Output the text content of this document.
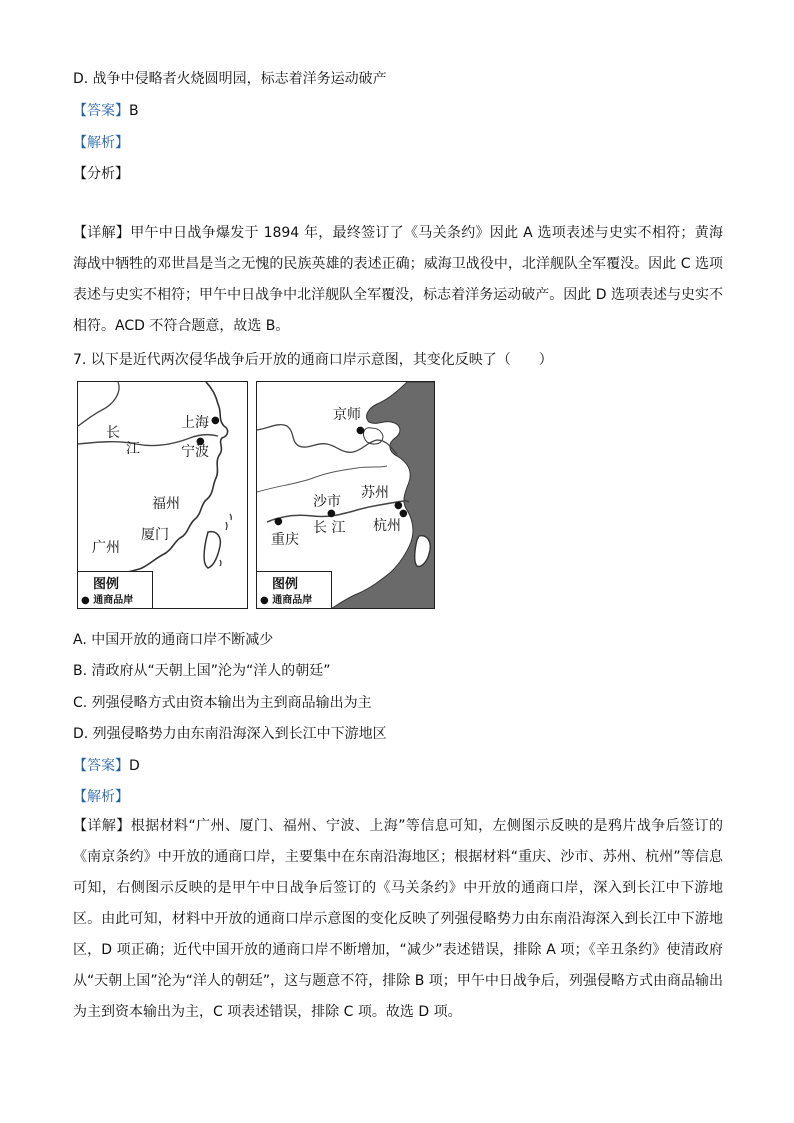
D. 战争中侵略者火烧圆明园，标志着洋务运动破产
【答案】B
【解析】
【分析】
【详解】甲午中日战争爆发于 1894 年，最终签订了《马关条约》因此 A 选项表述与史实不相符；黄海海战中牺牲的邓世昌是当之无愧的民族英雄的表述正确；威海卫战役中，北洋舰队全军覆没。因此 C 选项表述与史实不相符；甲午中日战争中北洋舰队全军覆没，标志着洋务运动破产。因此 D 选项表述与史实不相符。ACD 不符合题意，故选 B。
7. 以下是近代两次侵华战争后开放的通商口岸示意图，其变化反映了（　　）
●
●
长
江
上海
宁波
福州
厦门
广州
图例
● 通商品岸
●
●
●
●
●
京师
沙市
苏州
长 江 杭州
重庆
图例
● 通商品岸
A. 中国开放的通商口岸不断减少
B. 清政府从“天朝上国”沦为“洋人的朝廷”
C. 列强侵略方式由资本输出为主到商品输出为主
D. 列强侵略势力由东南沿海深入到长江中下游地区
【答案】D
【解析】
【详解】根据材料“广州、厦门、福州、宁波、上海”等信息可知，左侧图示反映的是鸦片战争后签订的《南京条约》中开放的通商口岸，主要集中在东南沿海地区；根据材料“重庆、沙市、苏州、杭州”等信息可知，右侧图示反映的是甲午中日战争后签订的《马关条约》中开放的通商口岸，深入到长江中下游地区。由此可知，材料中开放的通商口岸示意图的变化反映了列强侵略势力由东南沿海深入到长江中下游地区，D 项正确；近代中国开放的通商口岸不断增加，“减少”表述错误，排除 A 项；《辛丑条约》使清政府从“天朝上国”沦为“洋人的朝廷”，这与题意不符，排除 B 项；甲午中日战争后，列强侵略方式由商品输出为主到资本输出为主，C 项表述错误，排除 C 项。故选 D 项。
